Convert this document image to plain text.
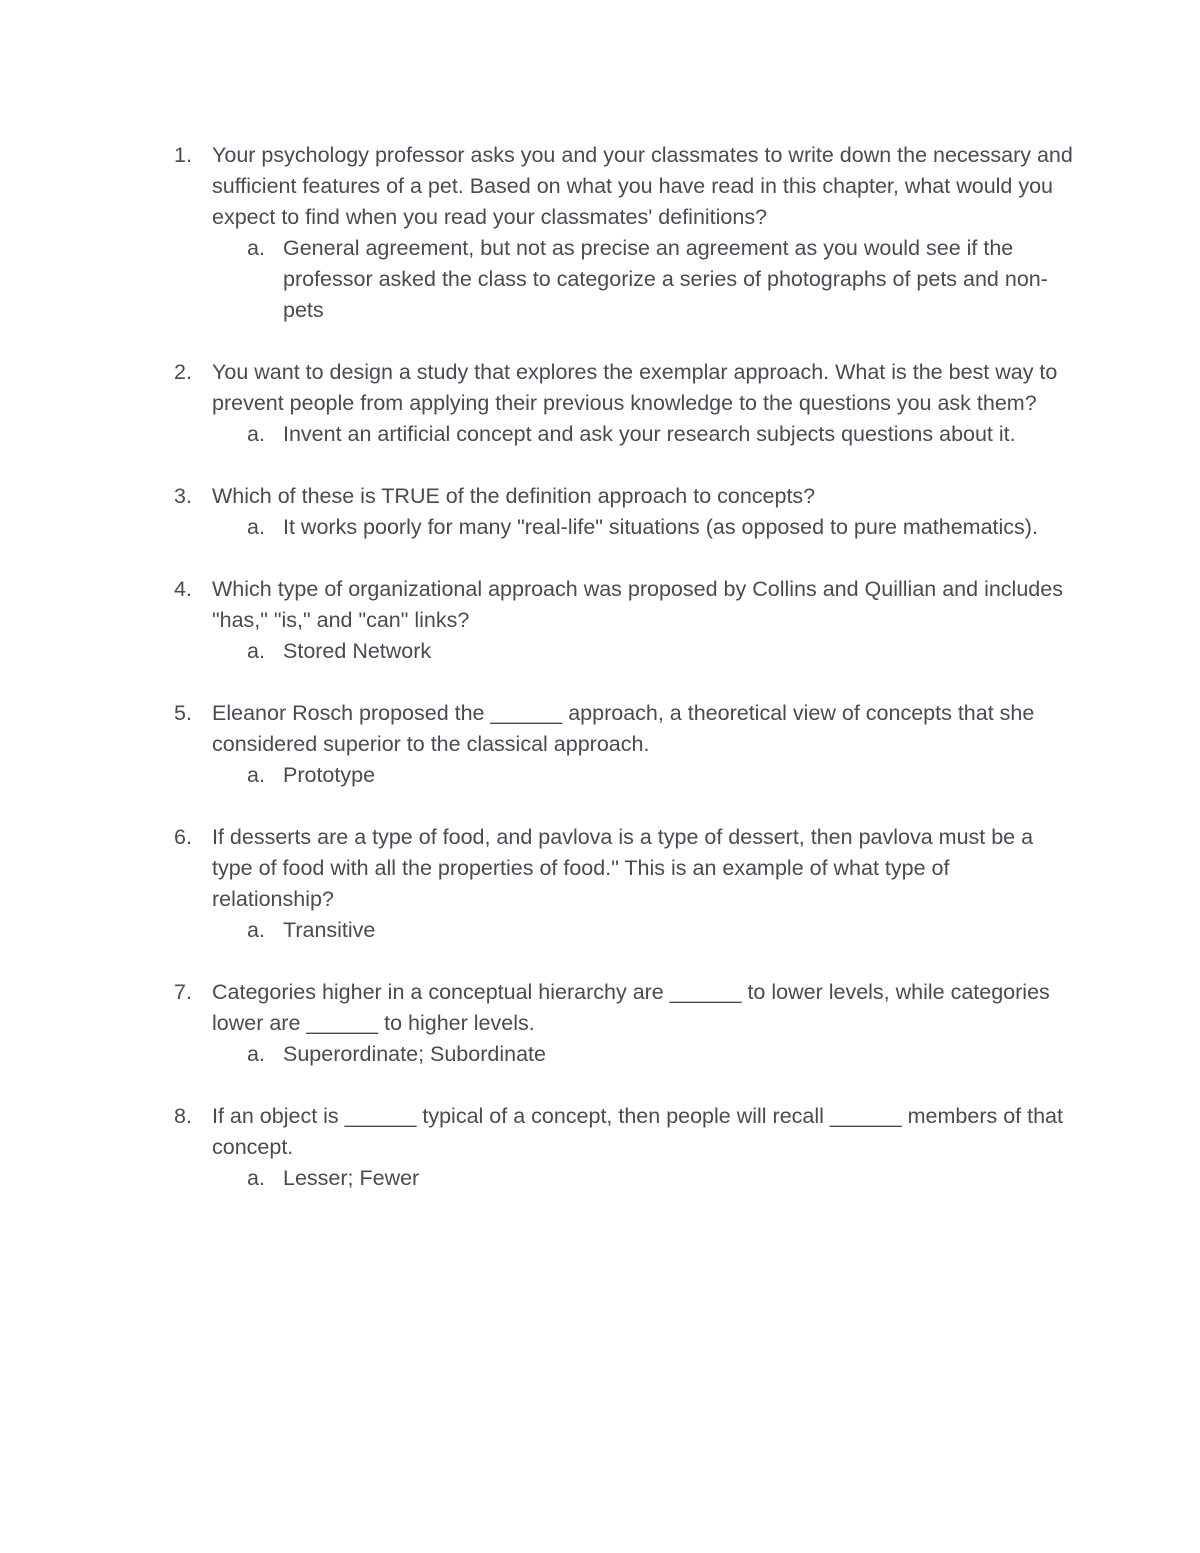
1. Your psychology professor asks you and your classmates to write down the necessary and sufficient features of a pet. Based on what you have read in this chapter, what would you expect to find when you read your classmates' definitions?
a. General agreement, but not as precise an agreement as you would see if the professor asked the class to categorize a series of photographs of pets and non-pets
2. You want to design a study that explores the exemplar approach. What is the best way to prevent people from applying their previous knowledge to the questions you ask them?
a. Invent an artificial concept and ask your research subjects questions about it.
3. Which of these is TRUE of the definition approach to concepts?
a. It works poorly for many "real-life" situations (as opposed to pure mathematics).
4. Which type of organizational approach was proposed by Collins and Quillian and includes "has," "is," and "can" links?
a. Stored Network
5. Eleanor Rosch proposed the ______ approach, a theoretical view of concepts that she considered superior to the classical approach.
a. Prototype
6. If desserts are a type of food, and pavlova is a type of dessert, then pavlova must be a type of food with all the properties of food." This is an example of what type of relationship?
a. Transitive
7. Categories higher in a conceptual hierarchy are ______ to lower levels, while categories lower are ______ to higher levels.
a. Superordinate; Subordinate
8. If an object is ______ typical of a concept, then people will recall ______ members of that concept.
a. Lesser; Fewer
